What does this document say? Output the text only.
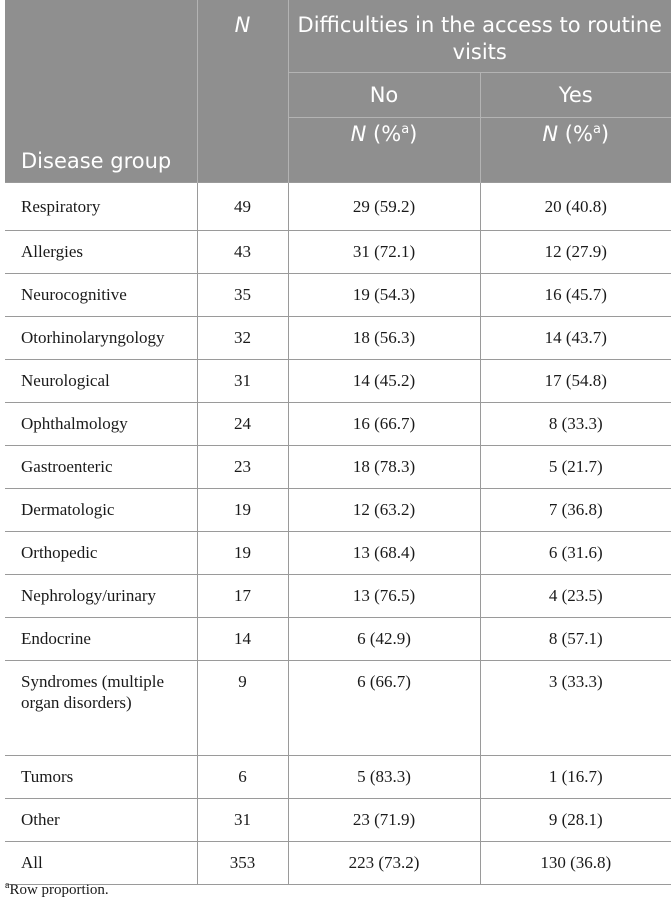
Disease group	N	Difficulties in the access to routine visits	

		No	Yes

		N (%$^a$)	N (%$^a$)

Respiratory	49	29 (59.2)	20 (40.8)
Allergies	43	31 (72.1)	12 (27.9)
Neurocognitive	35	19 (54.3)	16 (45.7)
Otorhinolaryngology	32	18 (56.3)	14 (43.7)
Neurological	31	14 (45.2)	17 (54.8)
Ophthalmology	24	16 (66.7)	8 (33.3)
Gastroenteric	23	18 (78.3)	5 (21.7)
Dermatologic	19	12 (63.2)	7 (36.8)
Orthopedic	19	13 (68.4)	6 (31.6)
Nephrology/urinary	17	13 (76.5)	4 (23.5)
Endocrine	14	6 (42.9)	8 (57.1)
Syndromes (multiple organ disorders)	9	6 (66.7)	3 (33.3)
Tumors	6	5 (83.3)	1 (16.7)
Other	31	23 (71.9)	9 (28.1)
All	353	223 (73.2)	130 (36.8)
$^a$Row proportion.
